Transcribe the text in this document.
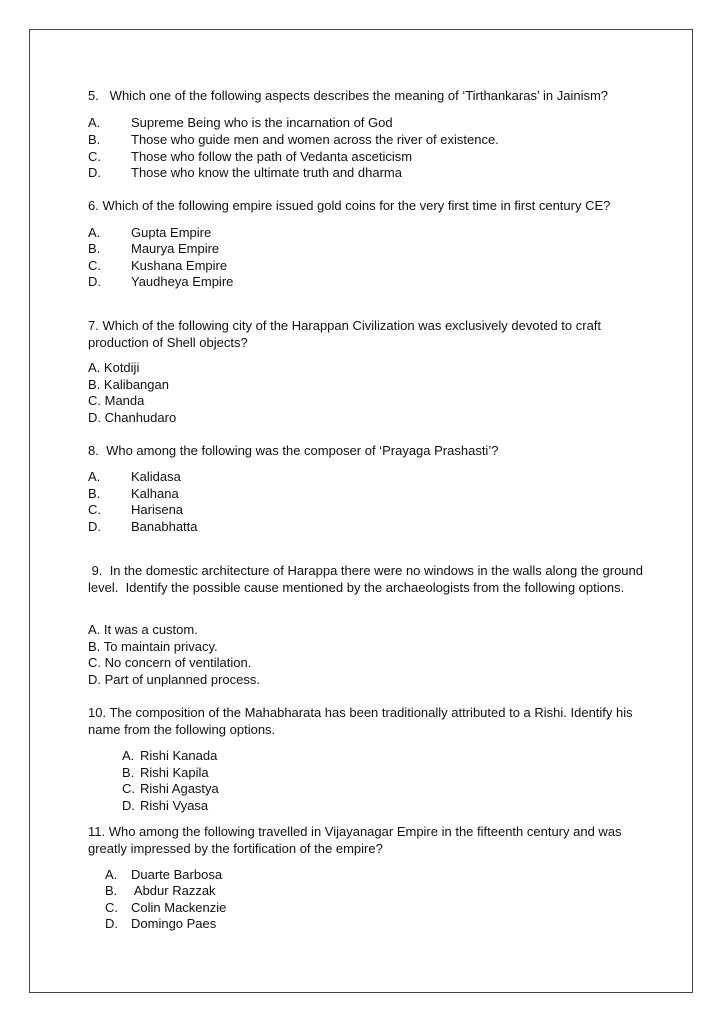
5.   Which one of the following aspects describes the meaning of ‘Tirthankaras’ in Jainism?
A. Supreme Being who is the incarnation of God
B. Those who guide men and women across the river of existence.
C. Those who follow the path of Vedanta asceticism
D. Those who know the ultimate truth and dharma
6. Which of the following empire issued gold coins for the very first time in first century CE?
A. Gupta Empire
B. Maurya Empire
C. Kushana Empire
D. Yaudheya Empire
7. Which of the following city of the Harappan Civilization was exclusively devoted to craft production of Shell objects?
A. Kotdiji
B. Kalibangan
C. Manda
D. Chanhudaro
8.  Who among the following was the composer of ‘Prayaga Prashasti’?
A. Kalidasa
B. Kalhana
C. Harisena
D. Banabhatta
9.  In the domestic architecture of Harappa there were no windows in the walls along the ground level.  Identify the possible cause mentioned by the archaeologists from the following options.
A. It was a custom.
B. To maintain privacy.
C. No concern of ventilation.
D. Part of unplanned process.
10. The composition of the Mahabharata has been traditionally attributed to a Rishi. Identify his name from the following options.
A. Rishi Kanada
B. Rishi Kapila
C. Rishi Agastya
D. Rishi Vyasa
11. Who among the following travelled in Vijayanagar Empire in the fifteenth century and was greatly impressed by the fortification of the empire?
A. Duarte Barbosa
B. Abdur Razzak
C. Colin Mackenzie
D. Domingo Paes
